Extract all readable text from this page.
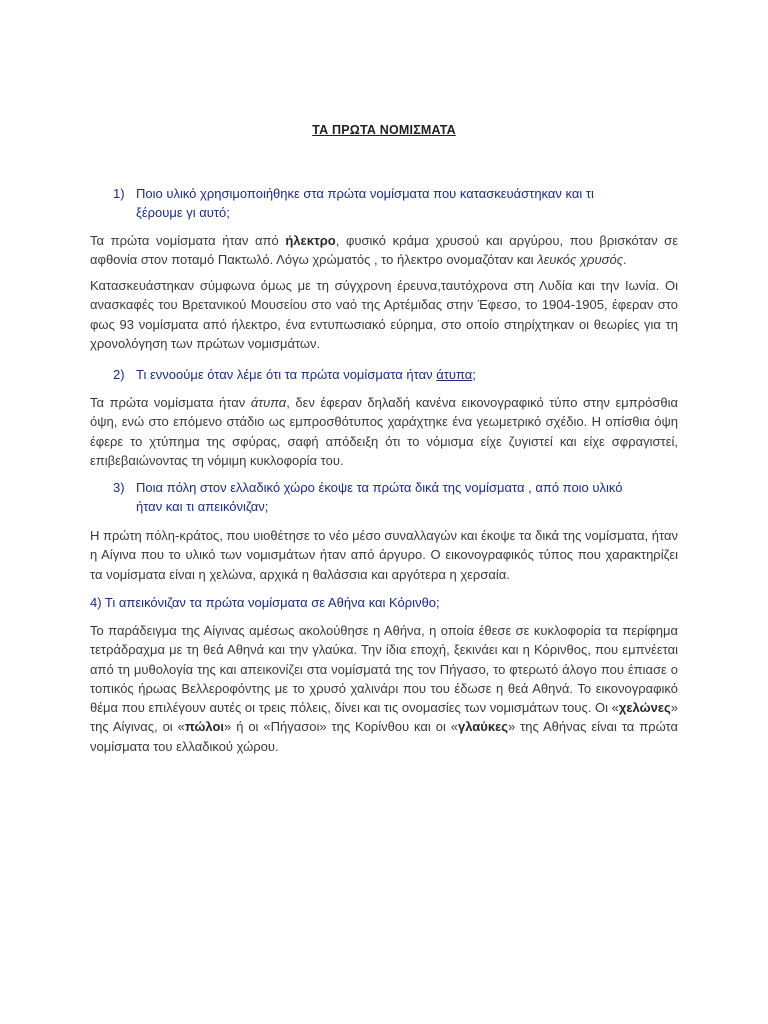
ΤΑ ΠΡΩΤΑ ΝΟΜΙΣΜΑΤΑ
1) Ποιο υλικό χρησιμοποιήθηκε στα πρώτα νομίσματα που κατασκευάστηκαν και τι
ξέρουμε γι αυτό;
Τα πρώτα νομίσματα ήταν από ήλεκτρο, φυσικό κράμα χρυσού και αργύρου, που βρισκόταν σε αφθονία στον ποταμό Πακτωλό. Λόγω χρώματός , το ήλεκτρο ονομαζόταν και λευκός χρυσός.
Κατασκευάστηκαν σύμφωνα όμως με τη σύγχρονη έρευνα,ταυτόχρονα στη Λυδία και την Ιωνία. Οι ανασκαφές του Βρετανικού Μουσείου στο ναό της Αρτέμιδας στην Έφεσο, το 1904-1905, έφεραν στο φως 93 νομίσματα από ήλεκτρο, ένα εντυπωσιακό εύρημα, στο οποίο στηρίχτηκαν οι θεωρίες για τη χρονολόγηση των πρώτων νομισμάτων.
2) Τι εννοούμε όταν λέμε ότι τα πρώτα νομίσματα ήταν άτυπα;
Τα πρώτα νομίσματα ήταν άτυπα, δεν έφεραν δηλαδή κανένα εικονογραφικό τύπο στην εμπρόσθια όψη, ενώ στο επόμενο στάδιο ως εμπροσθότυπος χαράχτηκε ένα γεωμετρικό σχέδιο. Η οπίσθια όψη έφερε το χτύπημα της σφύρας, σαφή απόδειξη ότι το νόμισμα είχε ζυγιστεί και είχε σφραγιστεί, επιβεβαιώνοντας τη νόμιμη κυκλοφορία του.
3) Ποια πόλη στον ελλαδικό χώρο έκοψε τα πρώτα δικά της νομίσματα , από ποιο υλικό
ήταν και τι απεικόνιζαν;
Η πρώτη πόλη-κράτος, που υιοθέτησε το νέο μέσο συναλλαγών και έκοψε τα δικά της νομίσματα, ήταν η Αίγινα που το υλικό των νομισμάτων ήταν από άργυρο. Ο εικονογραφικός τύπος που χαρακτηρίζει τα νομίσματα είναι η χελώνα, αρχικά η θαλάσσια και αργότερα η χερσαία.
4) Τι απεικόνιζαν τα πρώτα νομίσματα σε Αθήνα και Κόρινθο;
Το παράδειγμα της Αίγινας αμέσως ακολούθησε η Αθήνα, η οποία έθεσε σε κυκλοφορία τα περίφημα τετράδραχμα με τη θεά Αθηνά και την γλαύκα. Την ίδια εποχή, ξεκινάει και η Κόρινθος, που εμπνέεται από τη μυθολογία της και απεικονίζει στα νομίσματά της τον Πήγασο, το φτερωτό άλογο που έπιασε ο τοπικός ήρωας Βελλεροφόντης με το χρυσό χαλινάρι που του έδωσε η θεά Αθηνά. Το εικονογραφικό θέμα που επιλέγουν αυτές οι τρεις πόλεις, δίνει και τις ονομασίες των νομισμάτων τους. Οι «χελώνες» της Αίγινας, οι «πώλοι» ή οι «Πήγασοι» της Κορίνθου και οι «γλαύκες» της Αθήνας είναι τα πρώτα νομίσματα του ελλαδικού χώρου.
